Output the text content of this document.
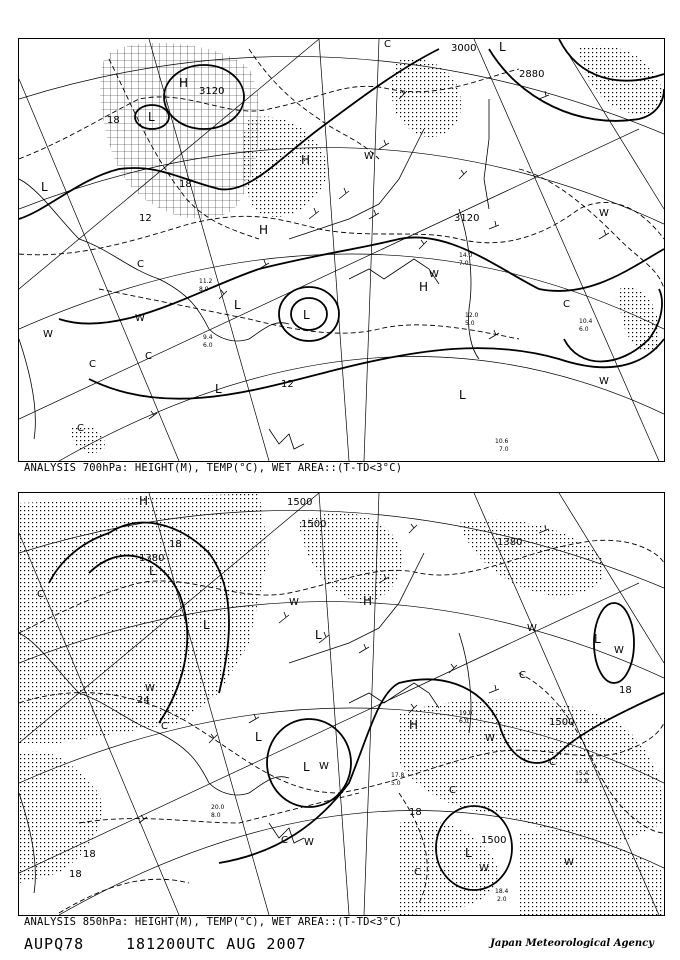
3000
3120
3120
2880
12
12
18
18
H
L
H
H
L
L
L
L
L
H
L
W
C
W
C
C
W
W
C
W
C
W
C
10.6
7.0
10.4
6.0
12.0
5.0
9.4
6.0
11.2
8.0
14.0
7.0
ANALYSIS 700hPa: HEIGHT(M), TEMP(°C), WET AREA::(T-TD<3°C)
1500
1500
1380
1500
1500
1380
18
18
18
24
18
18
L
L
H
L
L
L
H
L
H
L
C
W
C
C
W
W
W
C
W
C
W
C
W
W
C
W
18.4
2.0
15.4
12.8
19.0
6.0
17.8
5.0
20.0
8.0
ANALYSIS 850hPa: HEIGHT(M), TEMP(°C), WET AREA::(T-TD<3°C)
AUPQ78	181200UTC AUG 2007	Japan Meteorological Agency
